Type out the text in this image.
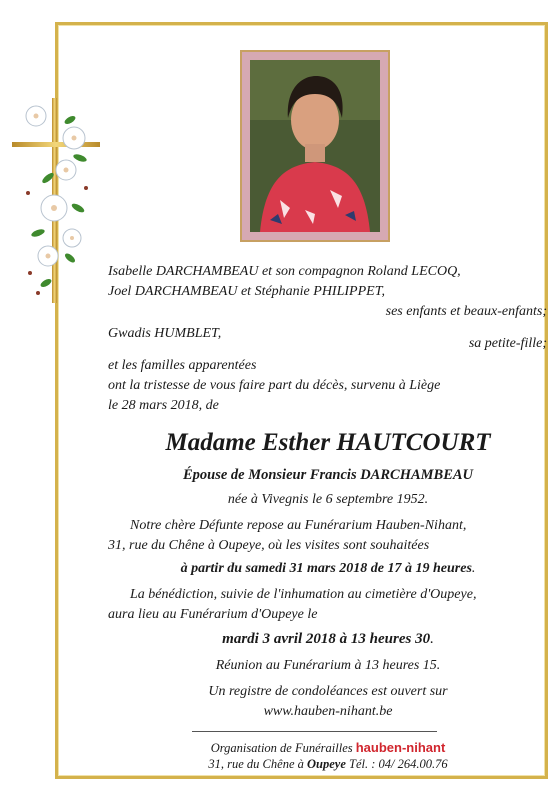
Isabelle DARCHAMBEAU et son compagnon Roland LECOQ,
Joel DARCHAMBEAU et Stéphanie PHILIPPET,
ses enfants et beaux-enfants;
Gwadis HUMBLET,
sa petite-fille;
et les familles apparentées
ont la tristesse de vous faire part du décès, survenu à Liège
le 28 mars 2018, de
Madame Esther HAUTCOURT
Épouse de Monsieur Francis DARCHAMBEAU
née à Vivegnis le 6 septembre 1952.
Notre chère Défunte repose au Funérarium Hauben-Nihant,
31, rue du Chêne à Oupeye, où les visites sont souhaitées
à partir du samedi 31 mars 2018 de 17 à 19 heures.
La bénédiction, suivie de l'inhumation au cimetière d'Oupeye,
aura lieu au Funérarium d'Oupeye le
mardi 3 avril 2018 à 13 heures 30.
Réunion au Funérarium à 13 heures 15.
Un registre de condoléances est ouvert sur
www.hauben-nihant.be
Organisation de Funérailles hauben-nihant
31, rue du Chêne à Oupeye Tél. : 04/ 264.00.76
